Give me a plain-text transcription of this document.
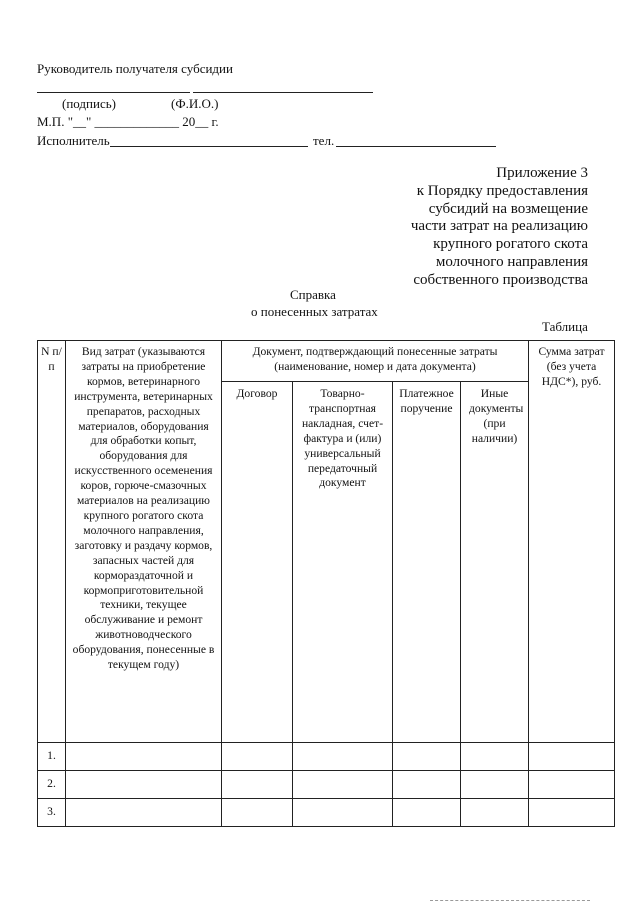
Руководитель получателя субсидии
(подпись)	(Ф.И.О.)
М.П. "__" _____________ 20__ г.
Исполнитель	тел.
Приложение 3
к Порядку предоставления
субсидий на возмещение
части затрат на реализацию
крупного рогатого скота
молочного направления
собственного производства
Справка
о понесенных затратах
Таблица
N п/п	Вид затрат (указываются затраты на приобретение кормов, ветеринарного инструмента, ветеринарных препаратов, расходных материалов, оборудования для обработки копыт, оборудования для искусственного осеменения коров, горюче-смазочных материалов на реализацию крупного рогатого скота молочного направления, заготовку и раздачу кормов, запасных частей для кормораздаточной и кормоприготовительной техники, текущее обслуживание и ремонт животноводческого оборудования, понесенные в текущем году)	Документ, подтверждающий понесенные затраты (наименование, номер и дата документа)				Сумма затрат (без учета НДС*), руб.
		Договор	Товарно-транспортная накладная, счет-фактура и (или) универсальный передаточный документ	Платежное поручение	Иные документы (при наличии)	
1.						
2.						
3.						
